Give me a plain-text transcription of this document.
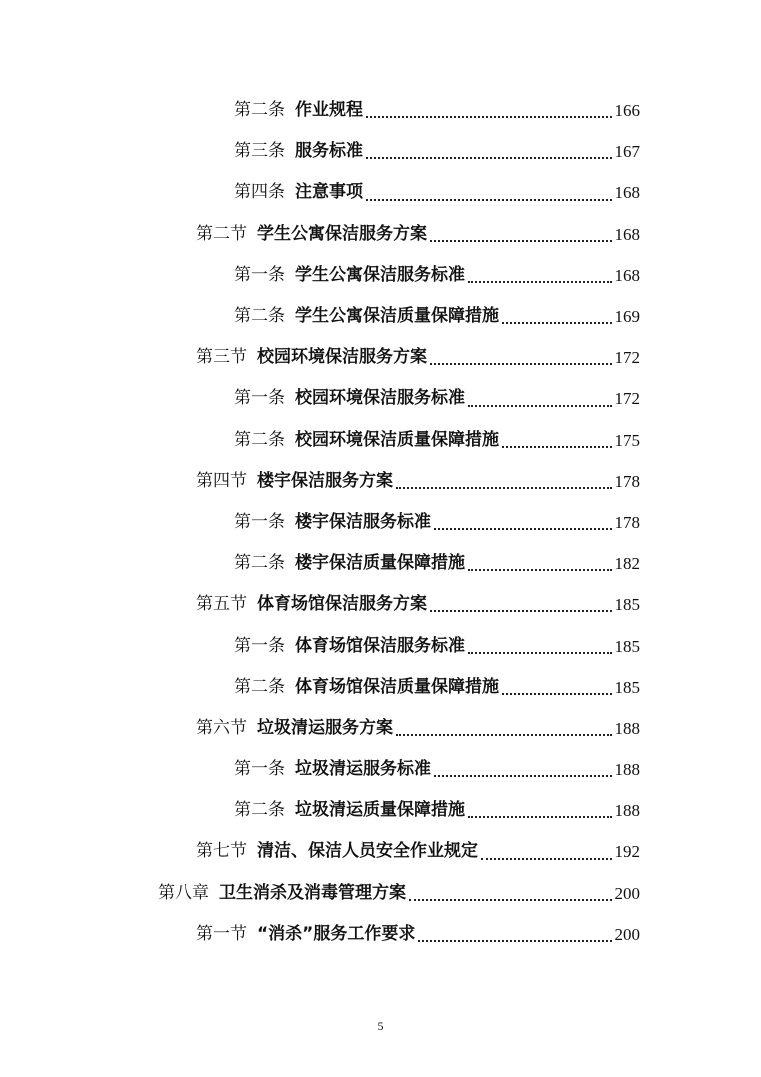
第二条 作业规程	166
第三条 服务标准	167
第四条 注意事项	168
第二节 学生公寓保洁服务方案	168
第一条 学生公寓保洁服务标准	168
第二条 学生公寓保洁质量保障措施	169
第三节 校园环境保洁服务方案	172
第一条 校园环境保洁服务标准	172
第二条 校园环境保洁质量保障措施	175
第四节 楼宇保洁服务方案	178
第一条 楼宇保洁服务标准	178
第二条 楼宇保洁质量保障措施	182
第五节 体育场馆保洁服务方案	185
第一条 体育场馆保洁服务标准	185
第二条 体育场馆保洁质量保障措施	185
第六节 垃圾清运服务方案	188
第一条 垃圾清运服务标准	188
第二条 垃圾清运质量保障措施	188
第七节 清洁、保洁人员安全作业规定	192
第八章 卫生消杀及消毒管理方案	200
第一节 “消杀”服务工作要求	200
5
